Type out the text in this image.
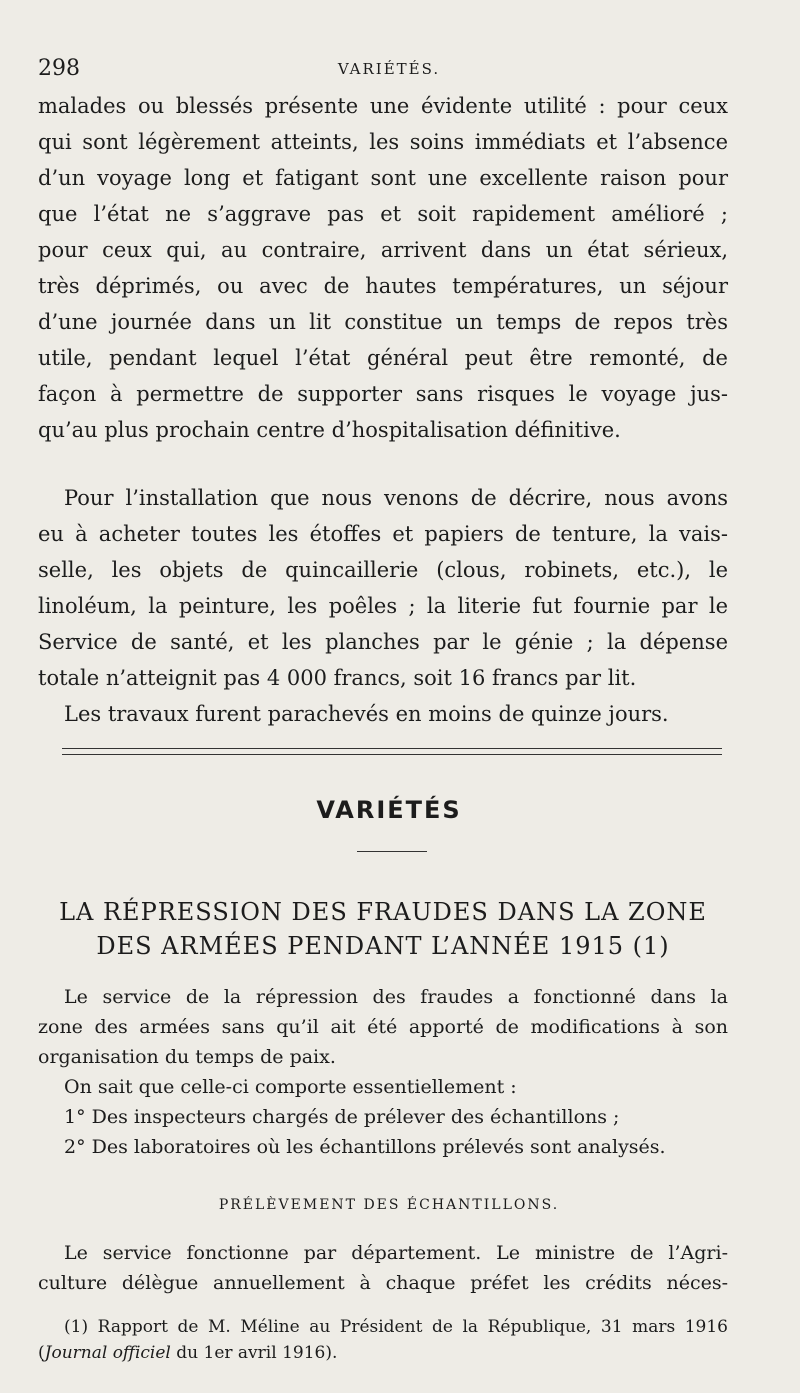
298	VARIÉTÉS.
malades ou blessés présente une évidente utilité : pour ceux
qui sont légèrement atteints, les soins immédiats et l’absence
d’un voyage long et fatigant sont une excellente raison pour
que l’état ne s’aggrave pas et soit rapidement amélioré ;
pour ceux qui, au contraire, arrivent dans un état sérieux,
très déprimés, ou avec de hautes températures, un séjour
d’une journée dans un lit constitue un temps de repos très
utile, pendant lequel l’état général peut être remonté, de
façon à permettre de supporter sans risques le voyage jus-
qu’au plus prochain centre d’hospitalisation définitive.
Pour l’installation que nous venons de décrire, nous avons
eu à acheter toutes les étoffes et papiers de tenture, la vais-
selle, les objets de quincaillerie (clous, robinets, etc.), le
linoléum, la peinture, les poêles ; la literie fut fournie par le
Service de santé, et les planches par le génie ; la dépense
totale n’atteignit pas 4 000 francs, soit 16 francs par lit.
Les travaux furent parachevés en moins de quinze jours.
VARIÉTÉS
LA RÉPRESSION DES FRAUDES DANS LA ZONE
DES ARMÉES PENDANT L’ANNÉE 1915 (1)
Le service de la répression des fraudes a fonctionné dans la
zone des armées sans qu’il ait été apporté de modifications à son
organisation du temps de paix.
On sait que celle-ci comporte essentiellement :
1° Des inspecteurs chargés de prélever des échantillons ;
2° Des laboratoires où les échantillons prélevés sont analysés.
PRÉLÈVEMENT DES ÉCHANTILLONS.
Le service fonctionne par département. Le ministre de l’Agri-
culture délègue annuellement à chaque préfet les crédits néces-
(1) Rapport de M. Méline au Président de la République, 31 mars 1916
(Journal officiel du 1er avril 1916).
